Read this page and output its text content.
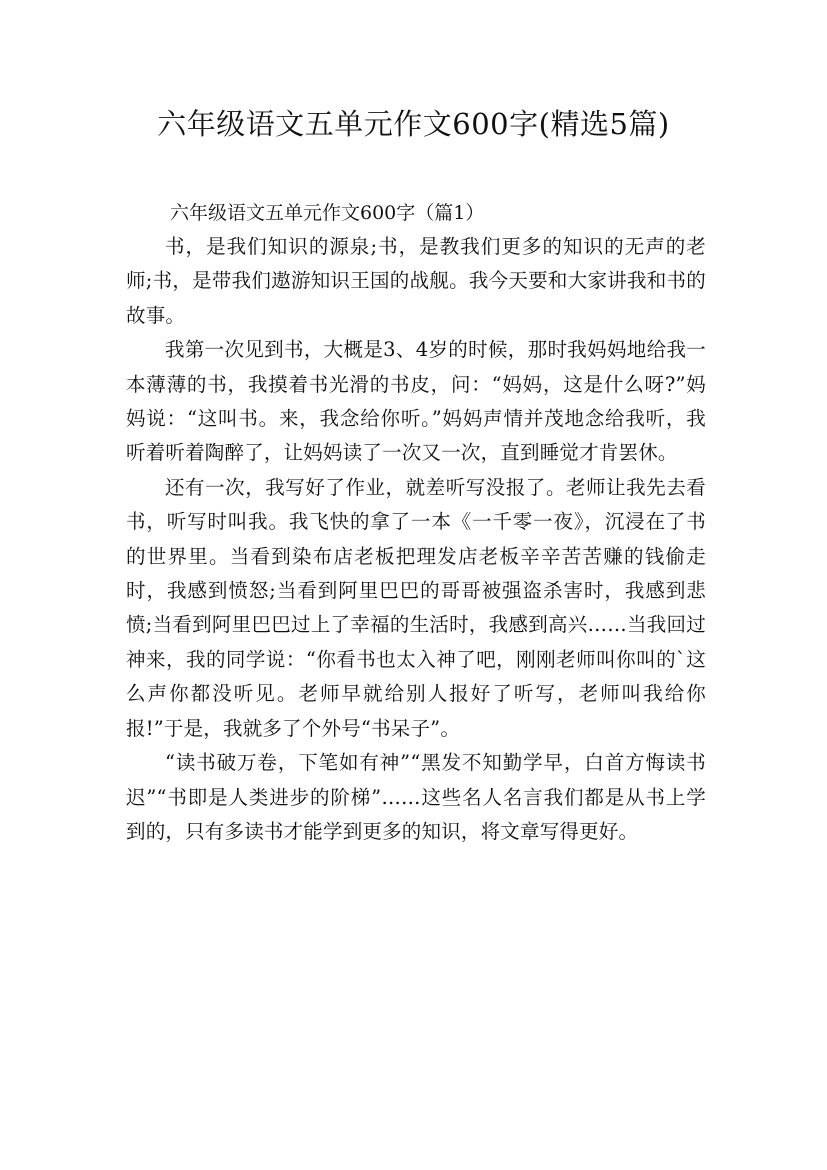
六年级语文五单元作文600字(精选5篇)

六年级语文五单元作文600字（篇1）

书，是我们知识的源泉;书，是教我们更多的知识的无声的老师;书，是带我们遨游知识王国的战舰。我今天要和大家讲我和书的故事。

我第一次见到书，大概是3、4岁的时候，那时我妈妈地给我一本薄薄的书，我摸着书光滑的书皮，问：“妈妈，这是什么呀?”妈妈说：“这叫书。来，我念给你听。”妈妈声情并茂地念给我听，我听着听着陶醉了，让妈妈读了一次又一次，直到睡觉才肯罢休。

还有一次，我写好了作业，就差听写没报了。老师让我先去看书，听写时叫我。我飞快的拿了一本《一千零一夜》，沉浸在了书的世界里。当看到染布店老板把理发店老板辛辛苦苦赚的钱偷走时，我感到愤怒;当看到阿里巴巴的哥哥被强盗杀害时，我感到悲愤;当看到阿里巴巴过上了幸福的生活时，我感到高兴……当我回过神来，我的同学说：“你看书也太入神了吧，刚刚老师叫你叫的`这么声你都没听见。老师早就给别人报好了听写，老师叫我给你报!”于是，我就多了个外号“书呆子”。

“读书破万卷，下笔如有神”“黑发不知勤学早，白首方悔读书迟”“书即是人类进步的阶梯”……这些名人名言我们都是从书上学到的，只有多读书才能学到更多的知识，将文章写得更好。
